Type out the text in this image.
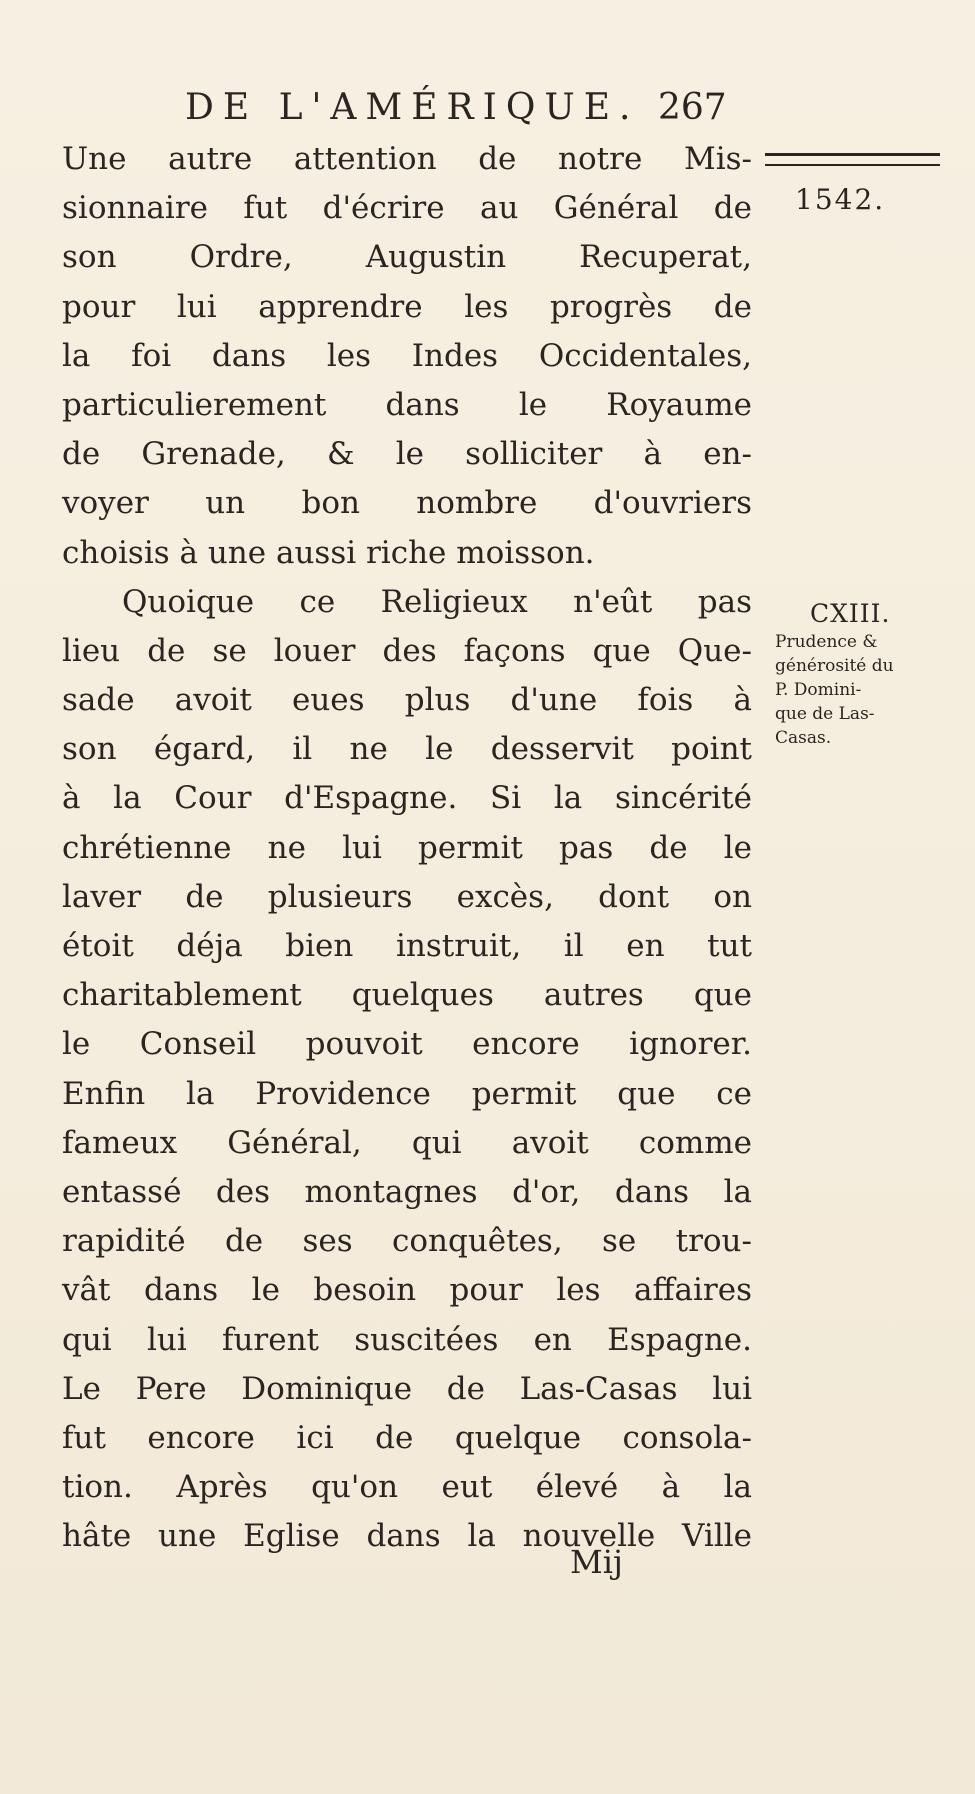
DE L'AMÉRIQUE. 267
1542.
Une autre attention de notre Mis-
sionnaire fut d'écrire au Général de
son Ordre, Augustin Recuperat,
pour lui apprendre les progrès de
la foi dans les Indes Occidentales,
particulierement dans le Royaume
de Grenade, & le solliciter à en-
voyer un bon nombre d'ouvriers
choisis à une aussi riche moisson.
Quoique ce Religieux n'eût pas
lieu de se louer des façons que Que-
sade avoit eues plus d'une fois à
son égard, il ne le desservit point
à la Cour d'Espagne. Si la sincérité
chrétienne ne lui permit pas de le
laver de plusieurs excès, dont on
étoit déja bien instruit, il en tut
charitablement quelques autres que
le Conseil pouvoit encore ignorer.
Enfin la Providence permit que ce
fameux Général, qui avoit comme
entassé des montagnes d'or, dans la
rapidité de ses conquêtes, se trou-
vât dans le besoin pour les affaires
qui lui furent suscitées en Espagne.
Le Pere Dominique de Las-Casas lui
fut encore ici de quelque consola-
tion. Après qu'on eut élevé à la
hâte une Eglise dans la nouvelle Ville
CXIII.
Prudence &
générosité du
P. Domini-
que de Las-
Casas.
Mij
